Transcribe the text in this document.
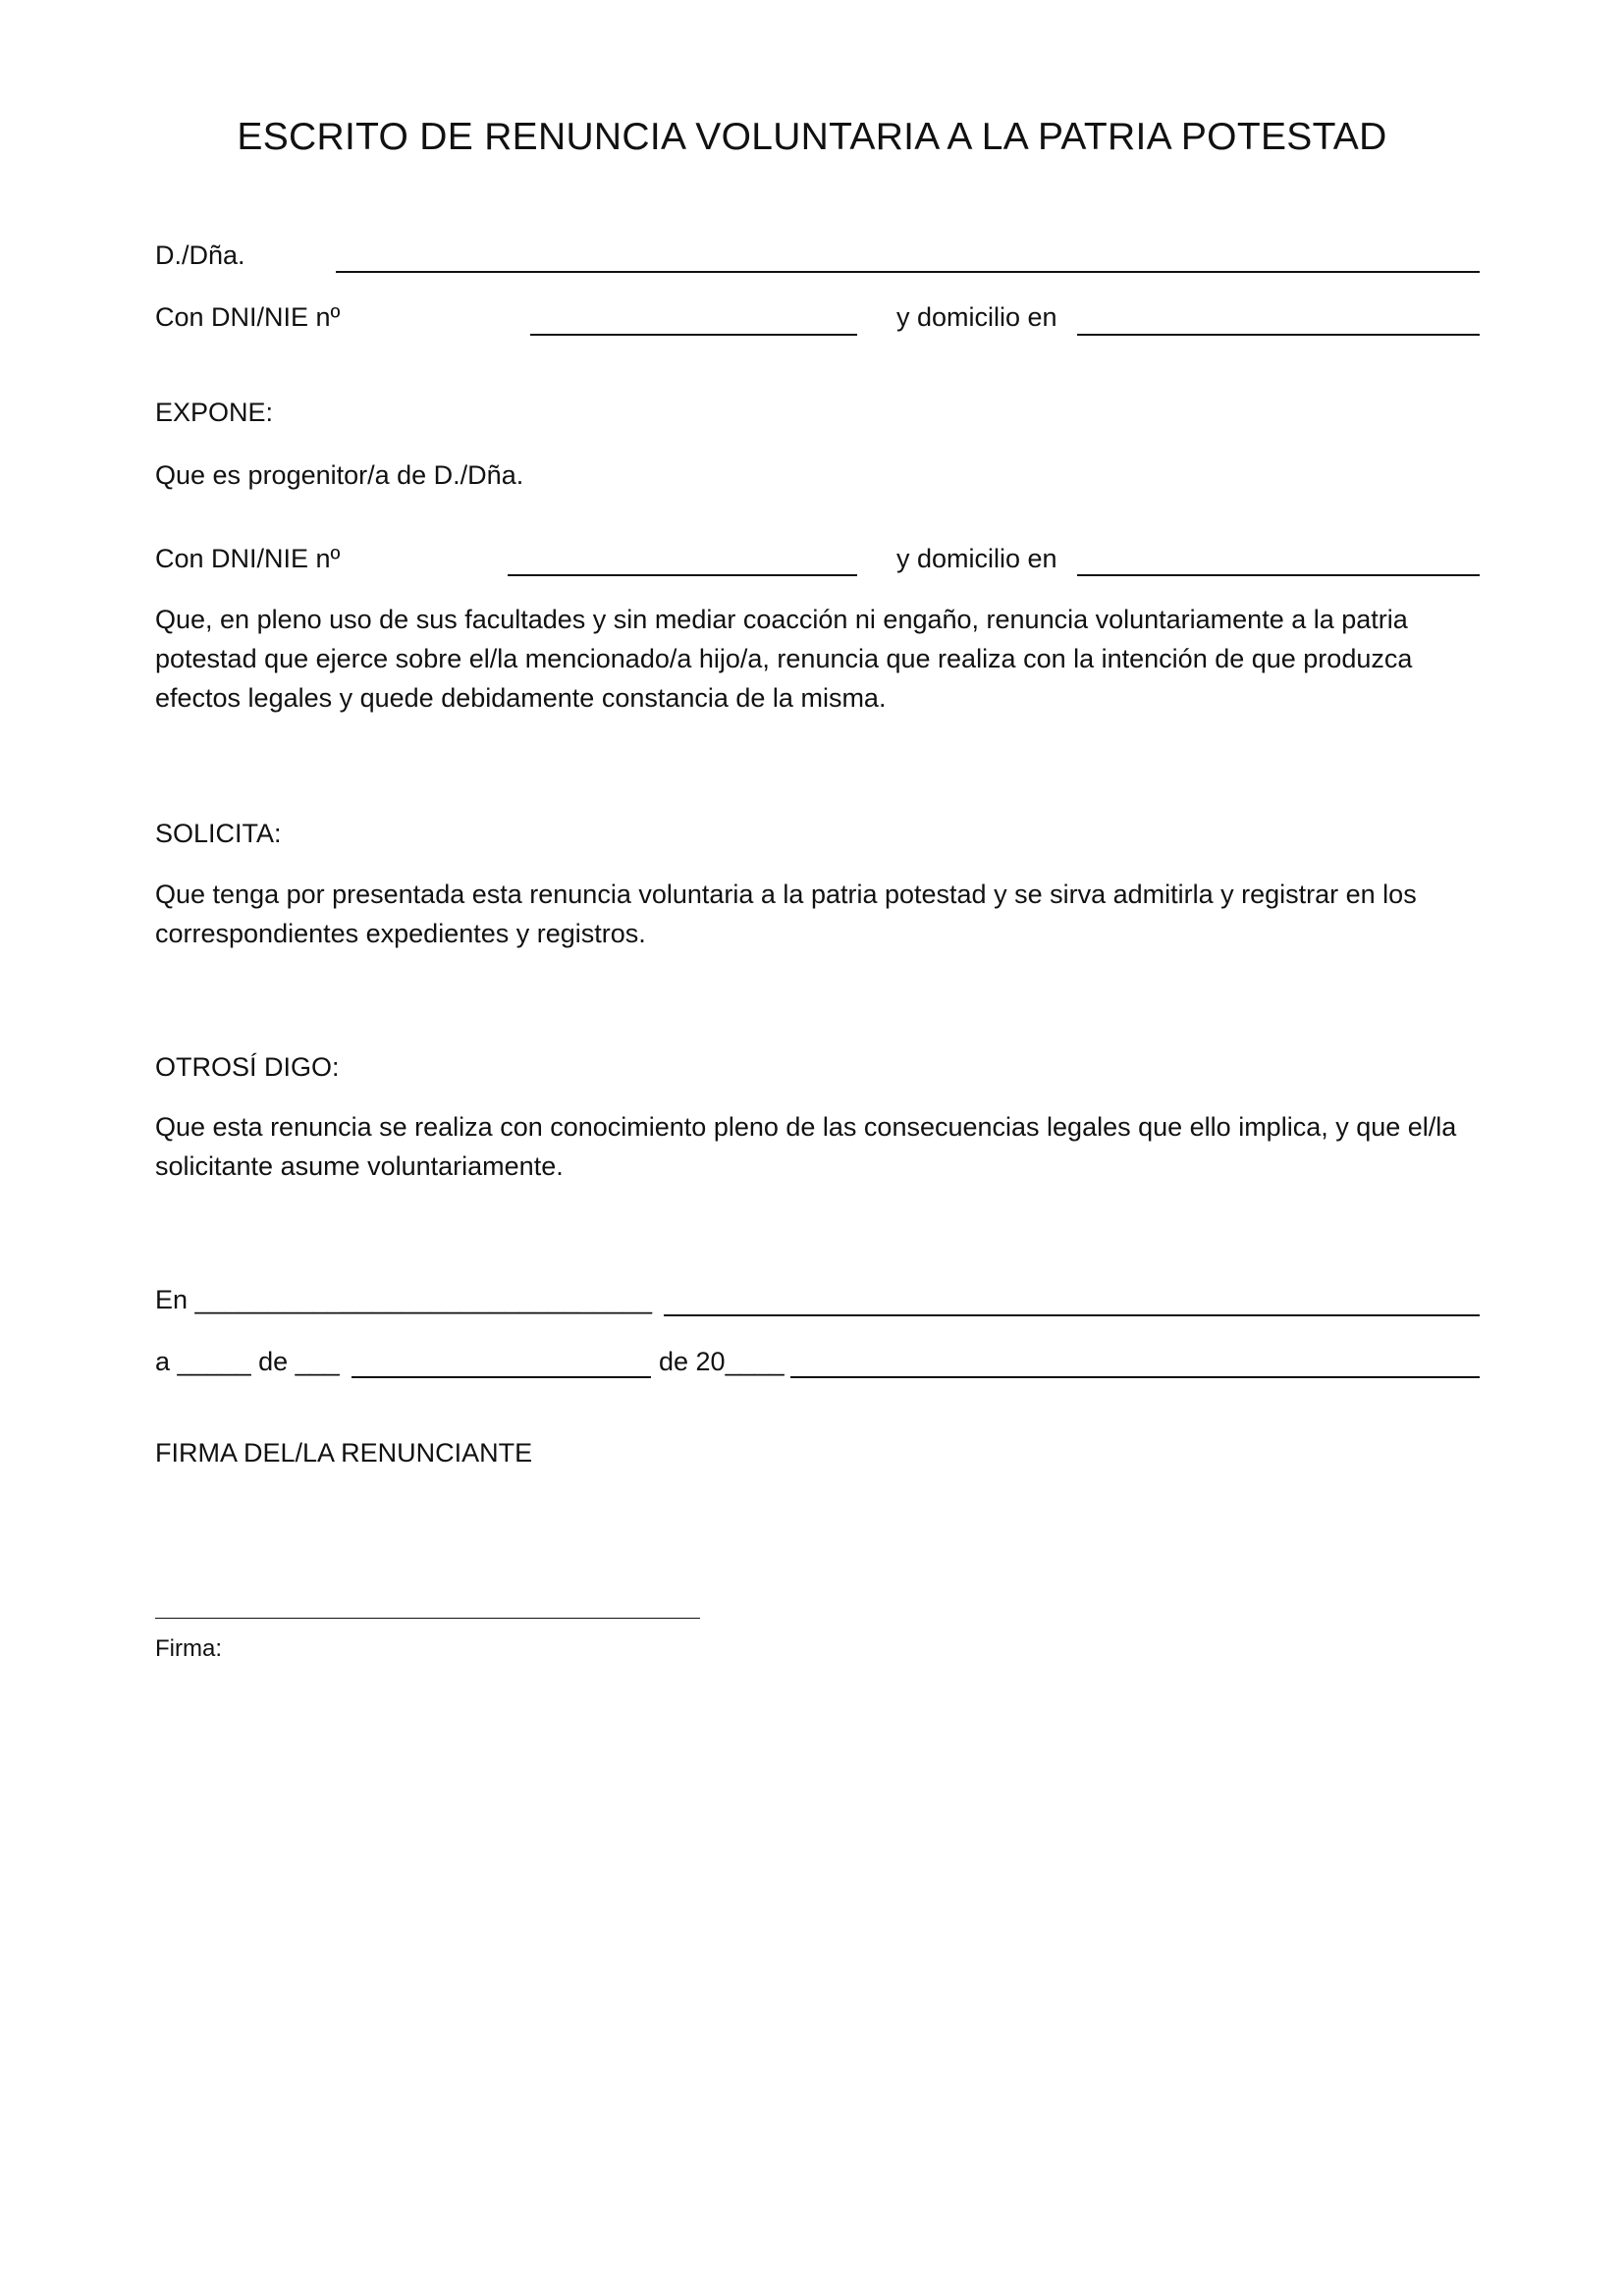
ESCRITO DE RENUNCIA VOLUNTARIA A LA PATRIA POTESTAD
D./Dña.
Con DNI/NIE nº	y domicilio en
EXPONE:
Que es progenitor/a de D./Dña.
Con DNI/NIE nº	y domicilio en

Que, en pleno uso de sus facultades y sin mediar coacción ni engaño, renuncia voluntariamente a la patria potestad que ejerce sobre el/la mencionado/a hijo/a, renuncia que realiza con la intención de que produzca efectos legales y quede debidamente constancia de la misma.

SOLICITA:

Que tenga por presentada esta renuncia voluntaria a la patria potestad y se sirva admitirla y registrar en los correspondientes expedientes y registros.

OTROSÍ DIGO:

Que esta renuncia se realiza con conocimiento pleno de las consecuencias legales que ello implica, y que el/la solicitante asume voluntariamente.

En _______________________________
a _____ de ___	de 20____
FIRMA DEL/LA RENUNCIANTE
Firma:
